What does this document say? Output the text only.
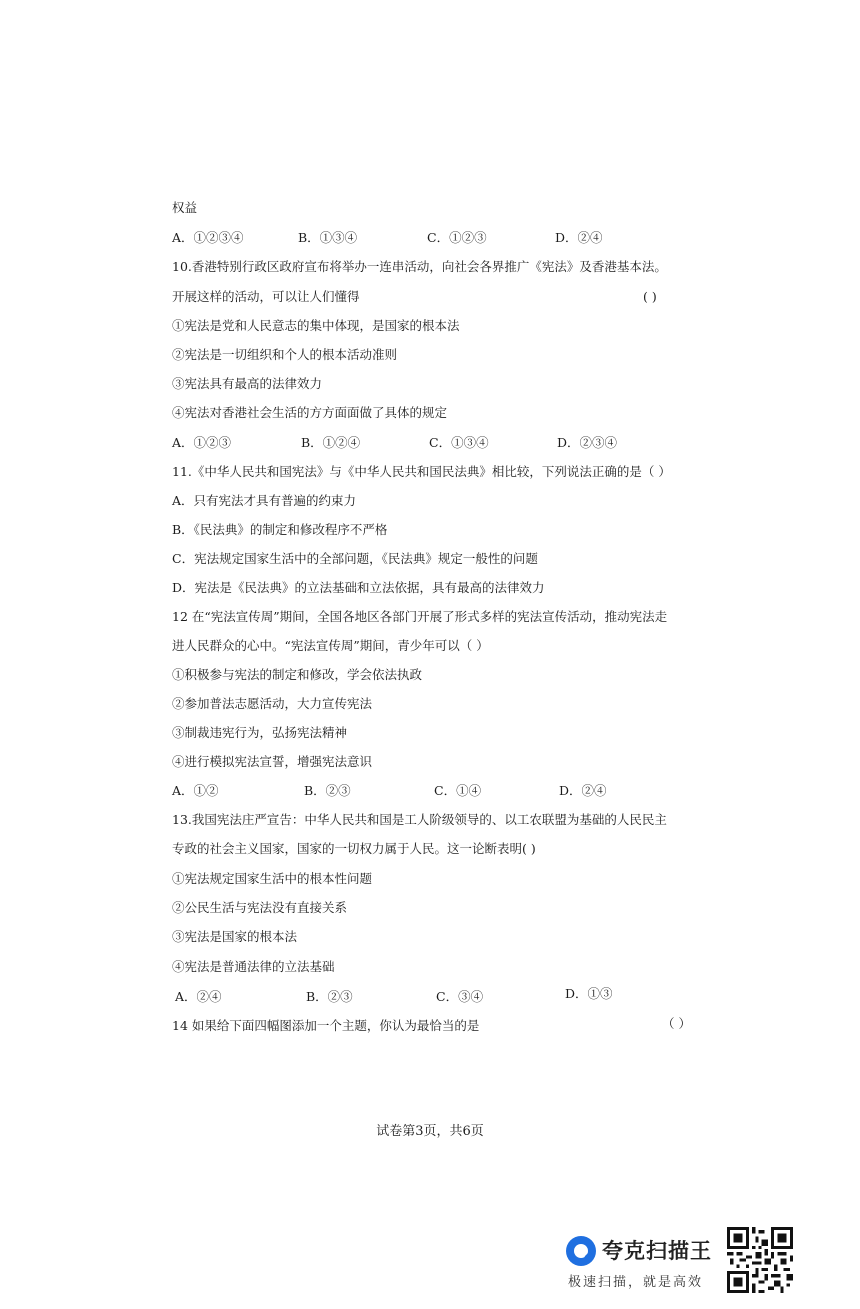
权益
A．①②③④	B．①③④	C．①②③	D．②④
10.香港特别行政区政府宣布将举办一连串活动，向社会各界推广《宪法》及香港基本法。
开展这样的活动，可以让人们懂得	( )
①宪法是党和人民意志的集中体现，是国家的根本法
②宪法是一切组织和个人的根本活动准则
③宪法具有最高的法律效力
④宪法对香港社会生活的方方面面做了具体的规定
A．①②③	B．①②④	C．①③④	D．②③④
11.《中华人民共和国宪法》与《中华人民共和国民法典》相比较，下列说法正确的是（ ）
A．只有宪法才具有普遍的约束力
B．《民法典》的制定和修改程序不严格
C．宪法规定国家生活中的全部问题，《民法典》规定一般性的问题
D．宪法是《民法典》的立法基础和立法依据，具有最高的法律效力
12 在“宪法宣传周”期间，全国各地区各部门开展了形式多样的宪法宣传活动，推动宪法走
进人民群众的心中。“宪法宣传周”期间，青少年可以（ ）
①积极参与宪法的制定和修改，学会依法执政
②参加普法志愿活动，大力宣传宪法
③制裁违宪行为，弘扬宪法精神
④进行模拟宪法宣誓，增强宪法意识
A．①②	B．②③	C．①④	D．②④
13.我国宪法庄严宣告：中华人民共和国是工人阶级领导的、以工农联盟为基础的人民民主
专政的社会主义国家，国家的一切权力属于人民。这一论断表明( )
①宪法规定国家生活中的根本性问题
②公民生活与宪法没有直接关系
③宪法是国家的根本法
④宪法是普通法律的立法基础
A．②④	B．②③	C．③④	D．①③
14 如果给下面四幅图添加一个主题，你认为最恰当的是	（ ）
试卷第3页，共6页
夸克扫描王
极速扫描，就是高效
